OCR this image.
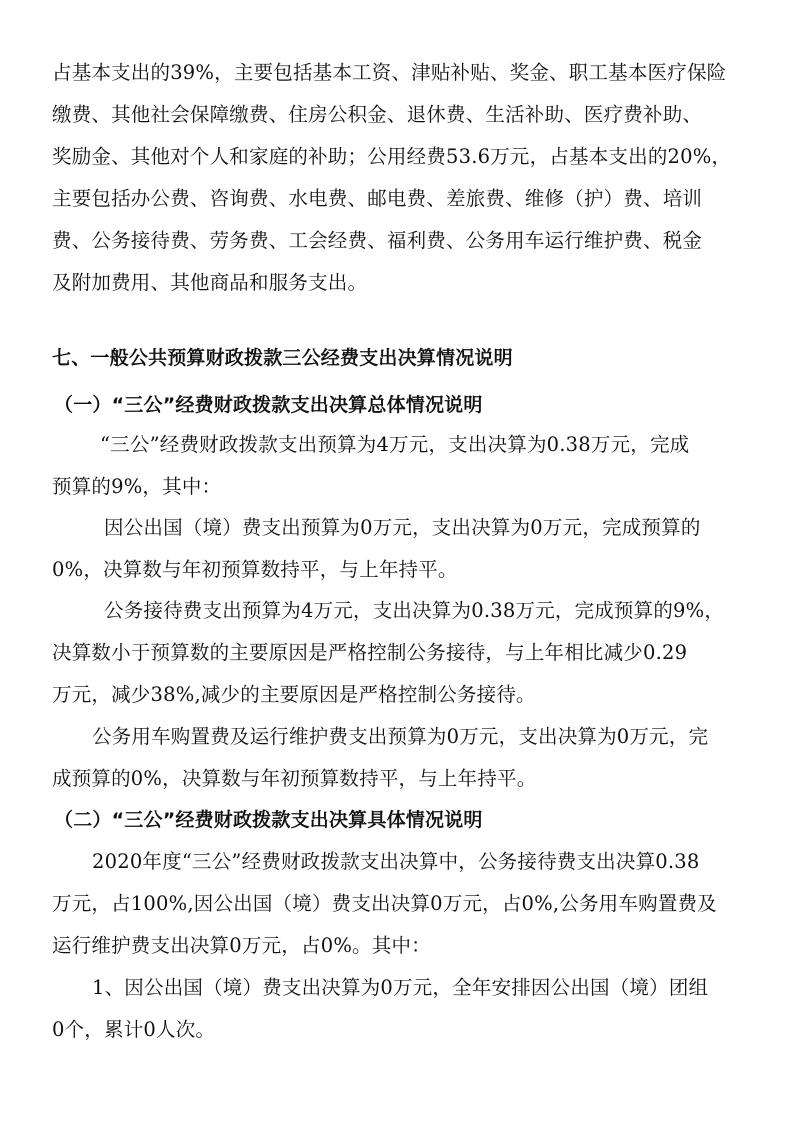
占基本支出的39%，主要包括基本工资、津贴补贴、奖金、职工基本医疗保险
缴费、其他社会保障缴费、住房公积金、退休费、生活补助、医疗费补助、
奖励金、其他对个人和家庭的补助；公用经费53.6万元，占基本支出的20%，
主要包括办公费、咨询费、水电费、邮电费、差旅费、维修（护）费、培训
费、公务接待费、劳务费、工会经费、福利费、公务用车运行维护费、税金
及附加费用、其他商品和服务支出。
七、一般公共预算财政拨款三公经费支出决算情况说明
（一）“三公”经费财政拨款支出决算总体情况说明
“三公”经费财政拨款支出预算为4万元，支出决算为0.38万元，完成
预算的9%，其中：
因公出国（境）费支出预算为0万元，支出决算为0万元，完成预算的
0%，决算数与年初预算数持平，与上年持平。
公务接待费支出预算为4万元，支出决算为0.38万元，完成预算的9%，
决算数小于预算数的主要原因是严格控制公务接待，与上年相比减少0.29
万元，减少38%,减少的主要原因是严格控制公务接待。
公务用车购置费及运行维护费支出预算为0万元，支出决算为0万元，完
成预算的0%，决算数与年初预算数持平，与上年持平。
（二）“三公”经费财政拨款支出决算具体情况说明
2020年度“三公”经费财政拨款支出决算中，公务接待费支出决算0.38
万元，占100%,因公出国（境）费支出决算0万元，占0%,公务用车购置费及
运行维护费支出决算0万元，占0%。其中：
1、因公出国（境）费支出决算为0万元，全年安排因公出国（境）团组
0个，累计0人次。
